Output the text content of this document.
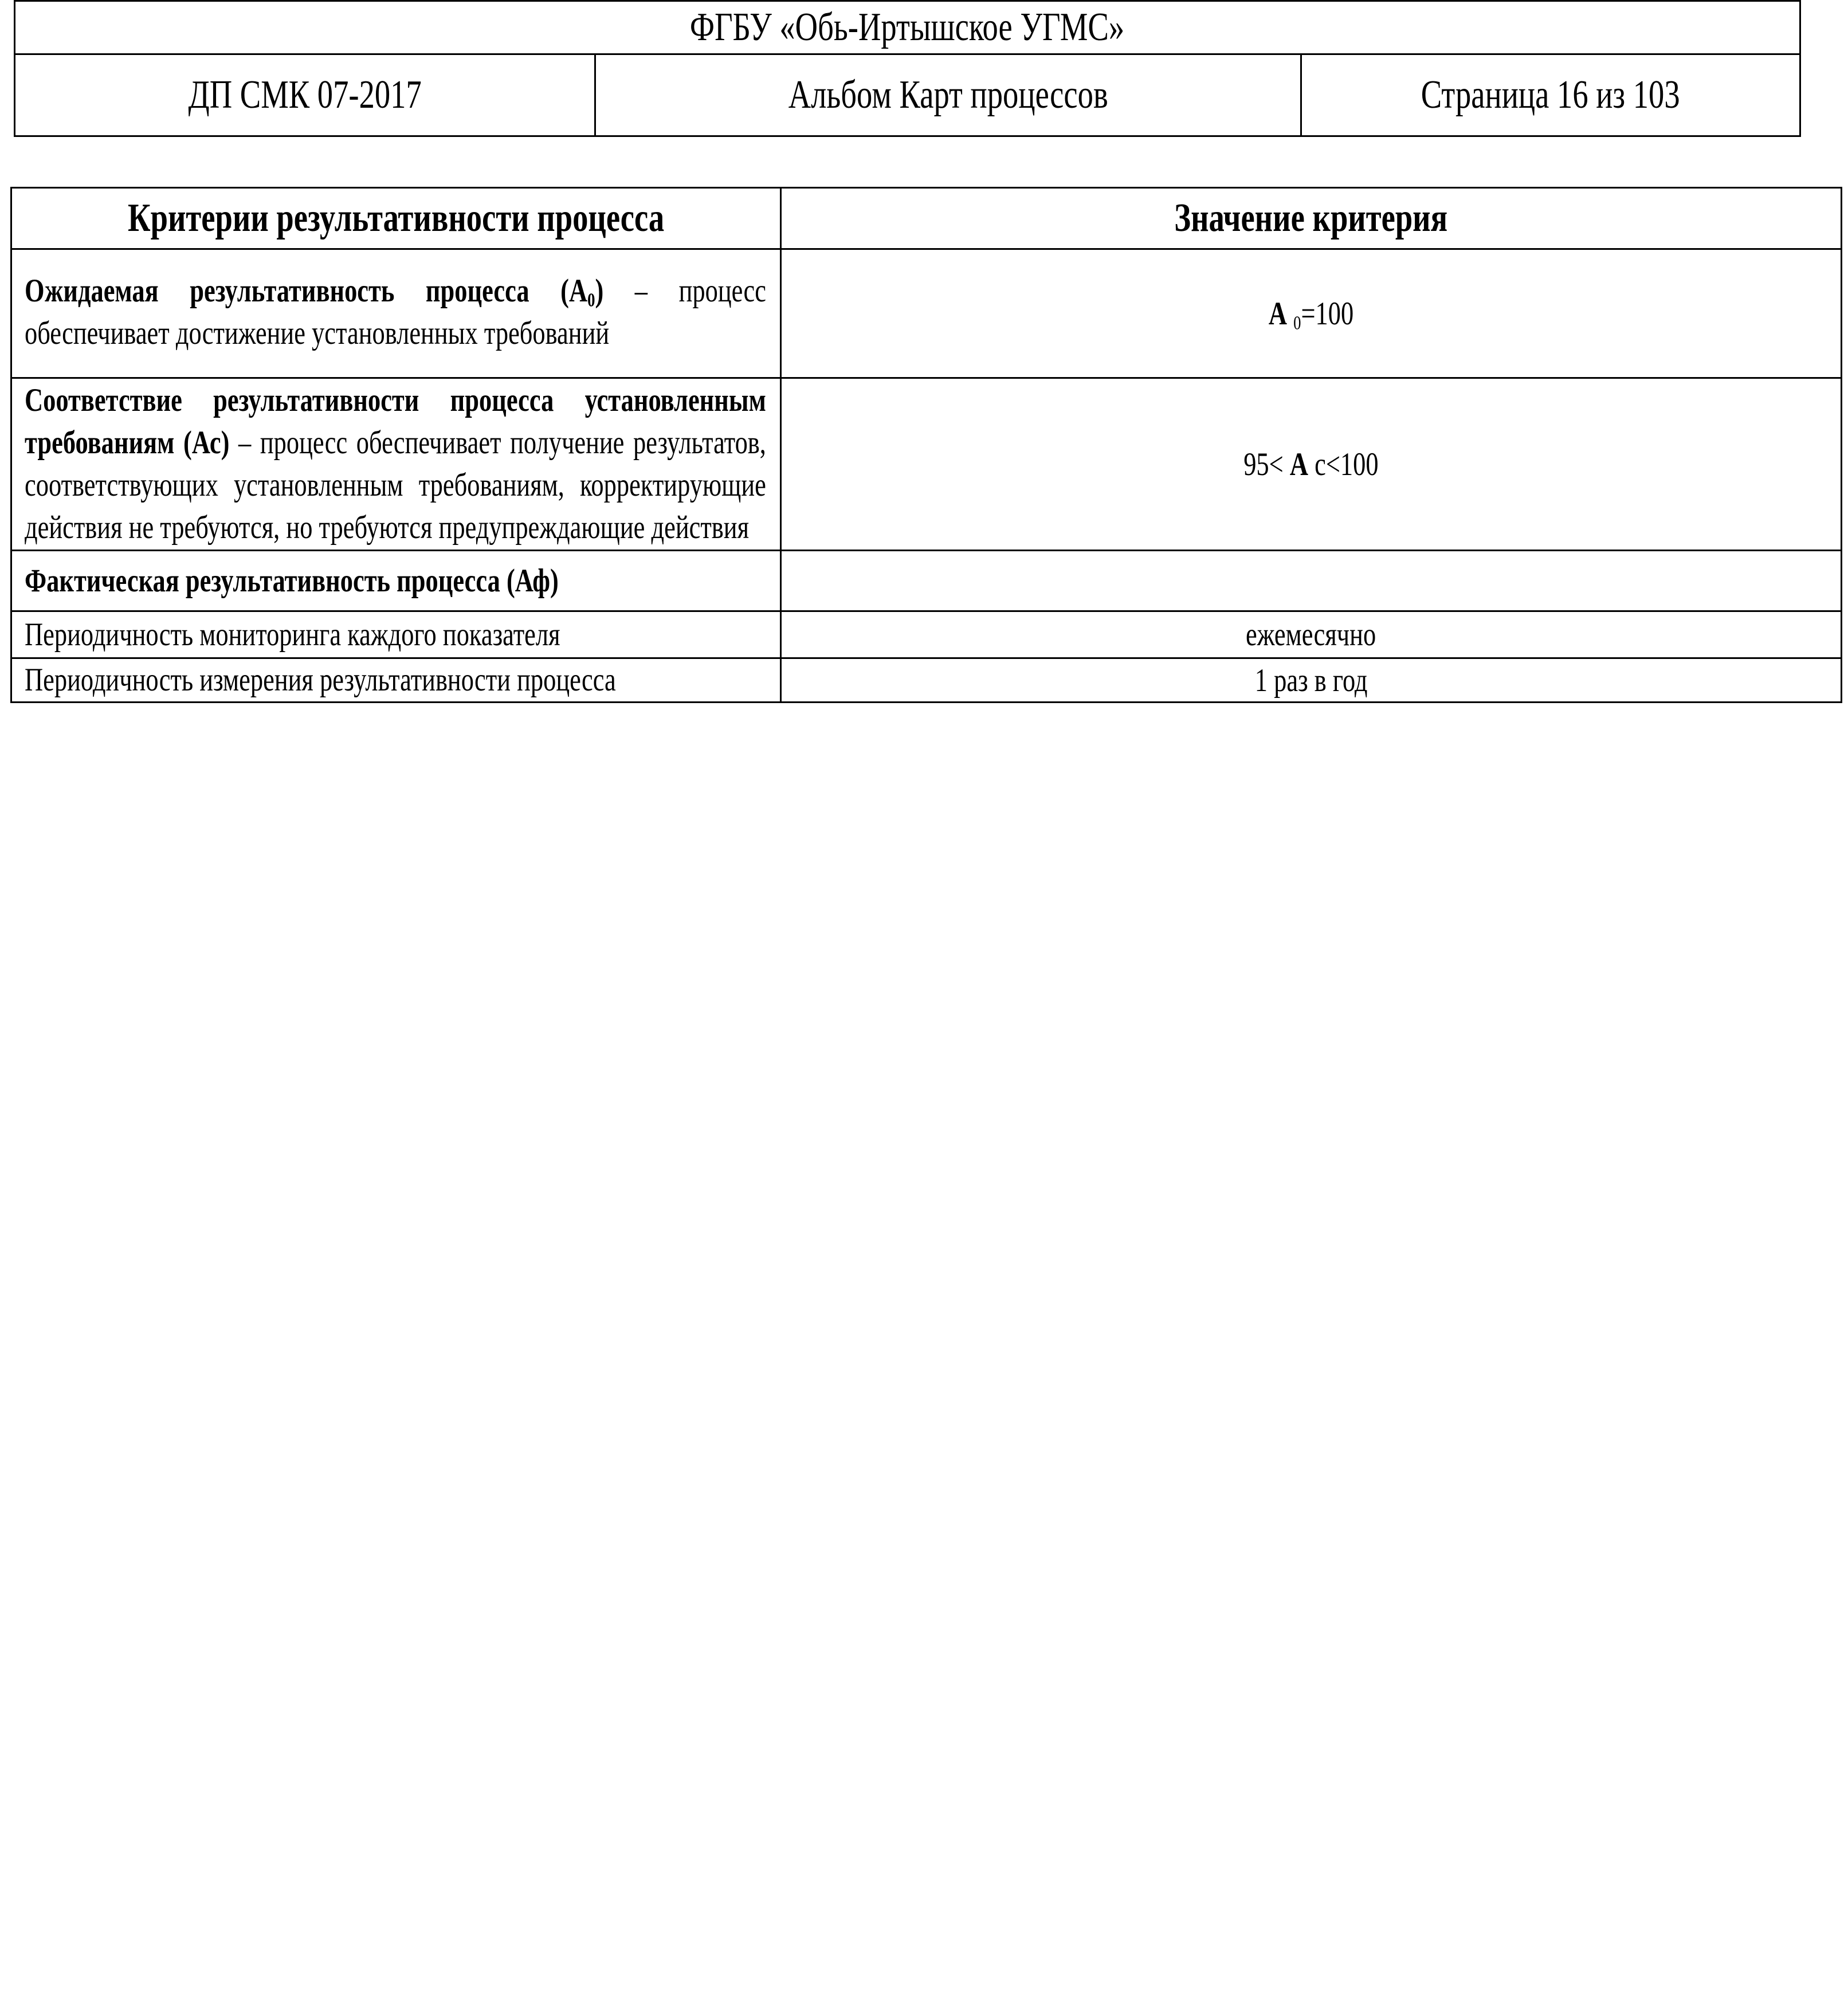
ФГБУ «Обь-Иртышское УГМС»
ДП СМК 07-2017	Альбом Карт процессов	Страница 16 из 103
Критерии результативности процесса	Значение критерия

Ожидаемая результативность процесса $(А_0)$ – процесс обеспечивает достижение установленных требований	А $_0$=100

Соответствие результативности процесса установленным требованиям (Ас) – процесс обеспечивает получение результатов, соответствующих установленным требованиям, корректирующие действия не требуются, но требуются предупреждающие действия	95< А с<100

Фактическая результативность процесса (Аф)	

Периодичность мониторинга каждого показателя	ежемесячно

Периодичность измерения результативности процесса	1 раз в год
